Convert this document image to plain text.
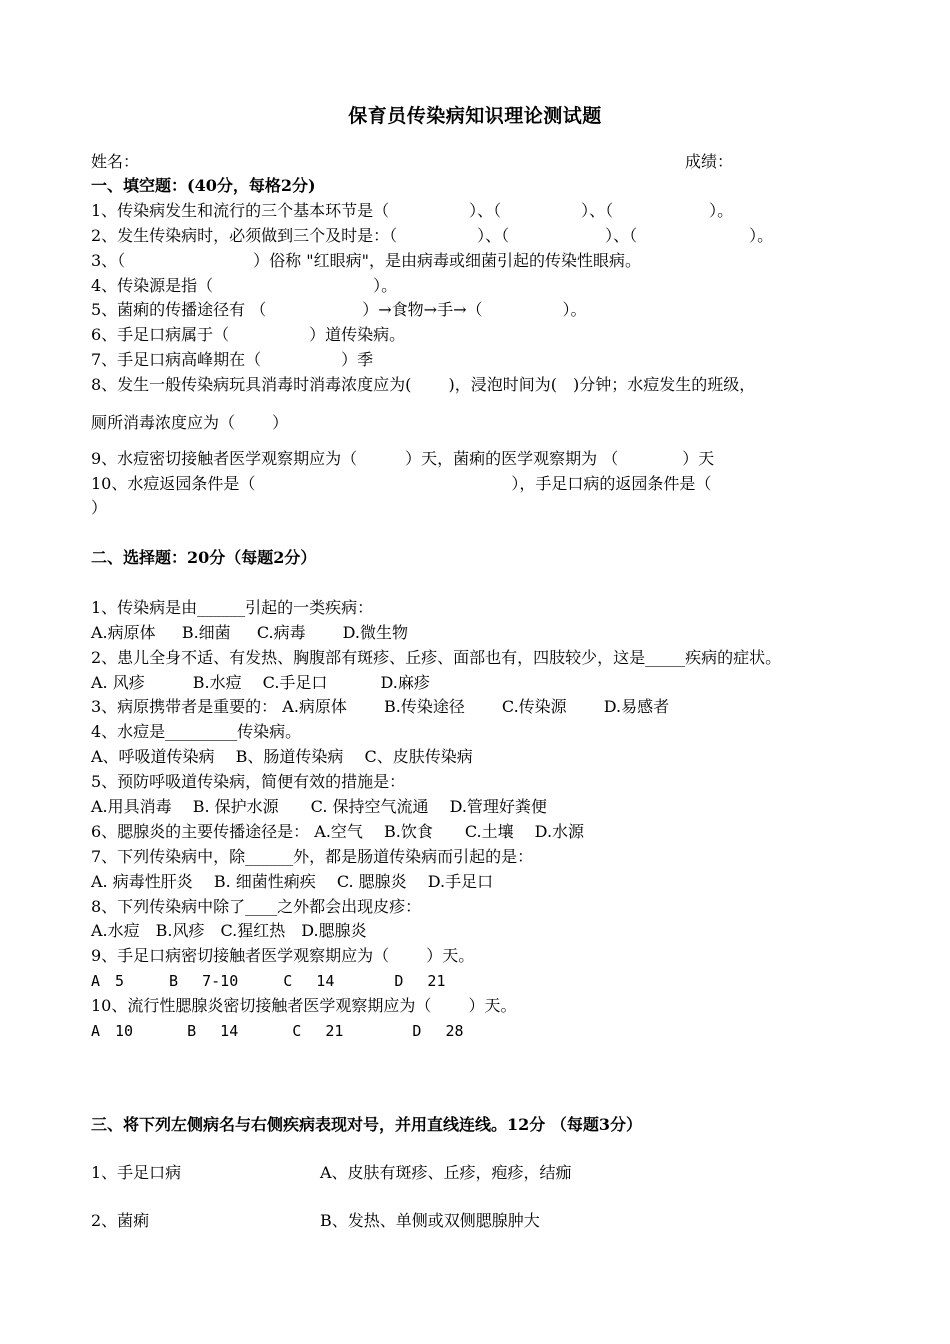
保育员传染病知识理论测试题
姓名：	成绩：
一、填空题：(40分，每格2分)
1、传染病发生和流行的三个基本环节是（　　　　　）、（　　　　　）、（　　　　　　）。
2、发生传染病时，必须做到三个及时是：（　　　　　）、（　　　　　　）、（　　　　　　　）。
3、（　　　　　　　　）俗称 "红眼病"，是由病毒或细菌引起的传染性眼病。
4、传染源是指（　　　　　　　　　　）。
5、菌痢的传播途径有 （　　　　　　）→食物→手→（　　　　　）。
6、手足口病属于（　　　　　）道传染病。
7、手足口病高峰期在（　　　　　）季
8、发生一般传染病玩具消毒时消毒浓度应为(　　 )，浸泡时间为(　)分钟；水痘发生的班级，
厕所消毒浓度应为（　　 ）
9、水痘密切接触者医学观察期应为（　　　）天，菌痢的医学观察期为 （　　　　）天
10、水痘返园条件是（　　　　　　　　　　　　　　　　），手足口病的返园条件是（
）
二、选择题：20分（每题2分）
1、传染病是由______引起的一类疾病：
A.病原体　  B.细菌　  C.病毒　　 D.微生物
2、患儿全身不适、有发热、胸腹部有斑疹、丘疹、面部也有，四肢较少，这是_____疾病的症状。
A. 风疹　　　B.水痘　 C.手足口　　　 D.麻疹
3、病原携带者是重要的： A.病原体　　 B.传染途径　　 C.传染源　　 D.易感者
4、水痘是_________传染病。
A、呼吸道传染病　 B、肠道传染病　 C、皮肤传染病
5、预防呼吸道传染病，简便有效的措施是：
A.用具消毒　 B. 保护水源　　C. 保持空气流通　 D.管理好粪便
6、腮腺炎的主要传播途径是： A.空气　 B.饮食　　C.土壤　 D.水源
7、下列传染病中，除______外，都是肠道传染病而引起的是：
A. 病毒性肝炎　 B. 细菌性痢疾　 C. 腮腺炎　 D.手足口
8、下列传染病中除了____之外都会出现皮疹：
A.水痘　B.风疹　C.猩红热　D.腮腺炎
9、手足口病密切接触者医学观察期应为（　　 ）天。
A　5　　　B　 7-10　　　C　 14　　　　D　 21
10、流行性腮腺炎密切接触者医学观察期应为（　　 ）天。
A　10　　　 B　 14　　　 C　 21　　　　 D　 28
三、将下列左侧病名与右侧疾病表现对号，并用直线连线。12分 （每题3分）
1、手足口病	A、皮肤有斑疹、丘疹，疱疹，结痂
2、菌痢	B、发热、单侧或双侧腮腺肿大
